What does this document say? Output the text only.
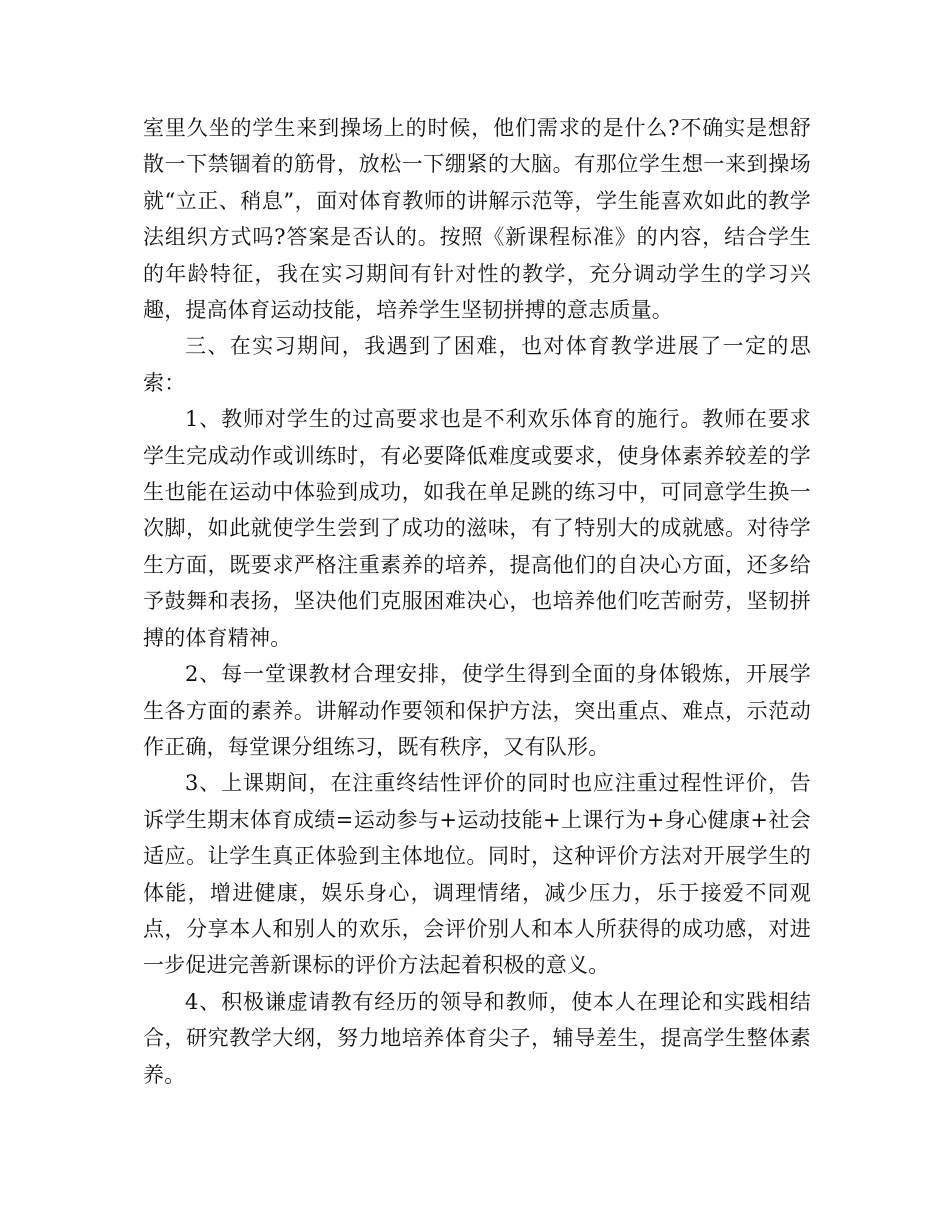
室里久坐的学生来到操场上的时候，他们需求的是什么?不确实是想舒散一下禁锢着的筋骨，放松一下绷紧的大脑。有那位学生想一来到操场就“立正、稍息”，面对体育教师的讲解示范等，学生能喜欢如此的教学法组织方式吗?答案是否认的。按照《新课程标准》的内容，结合学生的年龄特征，我在实习期间有针对性的教学，充分调动学生的学习兴趣，提高体育运动技能，培养学生坚韧拼搏的意志质量。

三、在实习期间，我遇到了困难，也对体育教学进展了一定的思索：

1、教师对学生的过高要求也是不利欢乐体育的施行。教师在要求学生完成动作或训练时，有必要降低难度或要求，使身体素养较差的学生也能在运动中体验到成功，如我在单足跳的练习中，可同意学生换一次脚，如此就使学生尝到了成功的滋味，有了特别大的成就感。对待学生方面，既要求严格注重素养的培养，提高他们的自决心方面，还多给予鼓舞和表扬，坚决他们克服困难决心，也培养他们吃苦耐劳，坚韧拼搏的体育精神。

2、每一堂课教材合理安排，使学生得到全面的身体锻炼，开展学生各方面的素养。讲解动作要领和保护方法，突出重点、难点，示范动作正确，每堂课分组练习，既有秩序，又有队形。

3、上课期间，在注重终结性评价的同时也应注重过程性评价，告诉学生期末体育成绩=运动参与+运动技能+上课行为+身心健康+社会适应。让学生真正体验到主体地位。同时，这种评价方法对开展学生的体能，增进健康，娱乐身心，调理情绪，减少压力，乐于接爱不同观点，分享本人和别人的欢乐，会评价别人和本人所获得的成功感，对进一步促进完善新课标的评价方法起着积极的意义。

4、积极谦虚请教有经历的领导和教师，使本人在理论和实践相结合，研究教学大纲，努力地培养体育尖子，辅导差生，提高学生整体素养。
